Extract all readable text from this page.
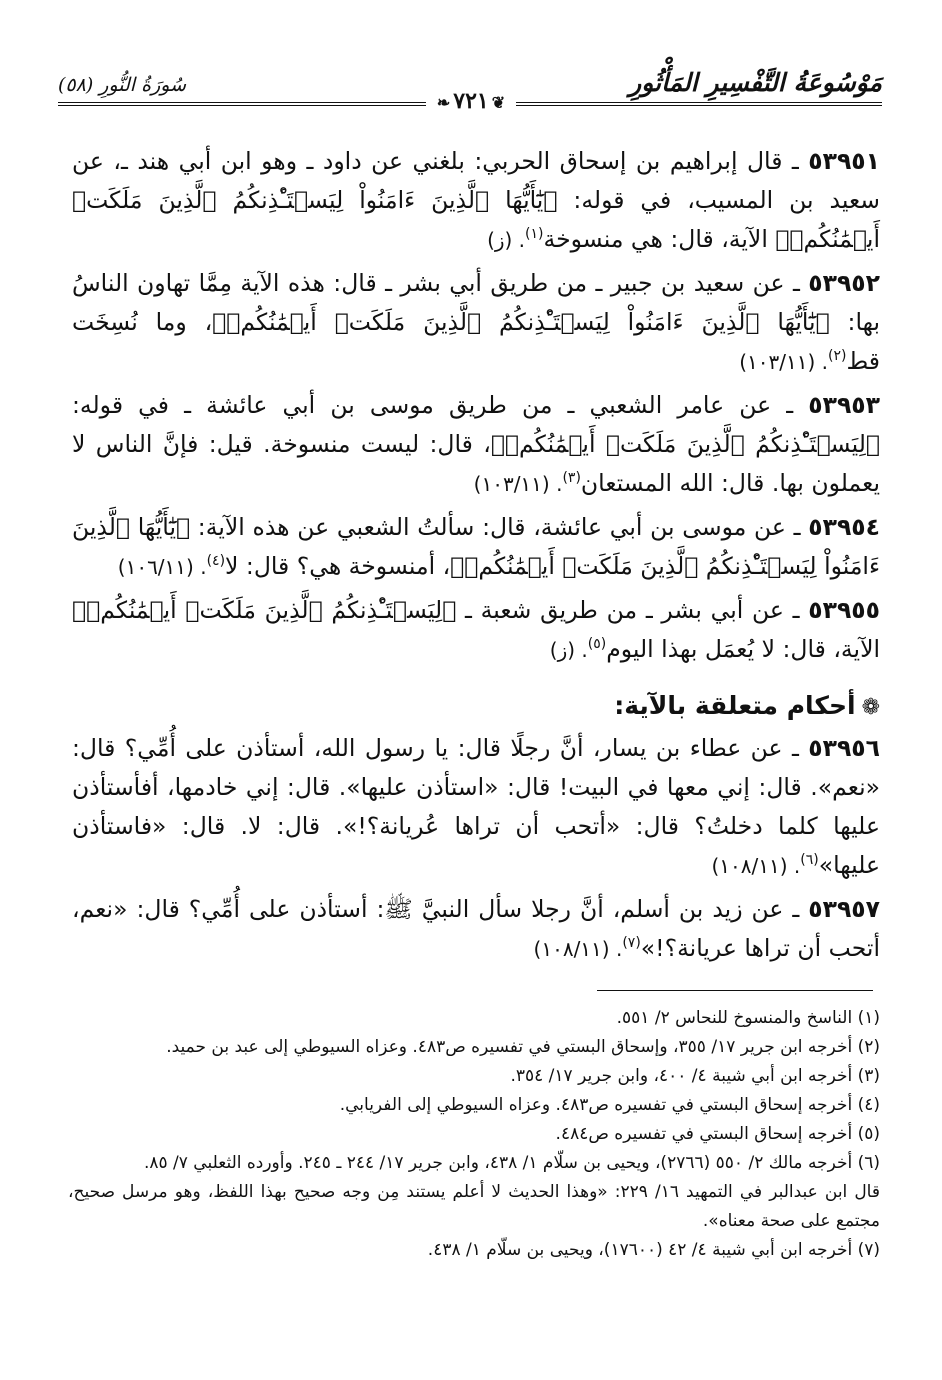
مَوْسُوعَةُ التَّفْسِيرِ المَأْثُورِ
سُورَةُ النُّورِ (٥٨)
❦٧٢١❧

٥٣٩٥١ ـ قال إبراهيم بن إسحاق الحربي: بلغني عن داود ـ وهو ابن أبي هند ـ، عن سعيد بن المسيب، في قوله: ﴿يَٰٓأَيُّهَا ٱلَّذِينَ ءَامَنُواْ لِيَسۡتَـْٔذِنكُمُ ٱلَّذِينَ مَلَكَتۡ أَيۡمَٰنُكُمۡ﴾ الآية، قال: هي منسوخة$^{(١)}$. (ز)

٥٣٩٥٢ ـ عن سعيد بن جبير ـ من طريق أبي بشر ـ قال: هذه الآية مِمَّا تهاون الناسُ بها: ﴿يَٰٓأَيُّهَا ٱلَّذِينَ ءَامَنُواْ لِيَسۡتَـْٔذِنكُمُ ٱلَّذِينَ مَلَكَتۡ أَيۡمَٰنُكُمۡ﴾، وما نُسِخَت قط$^{(٢)}$. (١٠٣/١١)

٥٣٩٥٣ ـ عن عامر الشعبي ـ من طريق موسى بن أبي عائشة ـ في قوله: ﴿لِيَسۡتَـْٔذِنكُمُ ٱلَّذِينَ مَلَكَتۡ أَيۡمَٰنُكُمۡ﴾، قال: ليست منسوخة. قيل: فإنَّ الناس لا يعملون بها. قال: الله المستعان$^{(٣)}$. (١٠٣/١١)

٥٣٩٥٤ ـ عن موسى بن أبي عائشة، قال: سألتُ الشعبي عن هذه الآية: ﴿يَٰٓأَيُّهَا ٱلَّذِينَ ءَامَنُواْ لِيَسۡتَـْٔذِنكُمُ ٱلَّذِينَ مَلَكَتۡ أَيۡمَٰنُكُمۡ﴾، أمنسوخة هي؟ قال: لا$^{(٤)}$. (١٠٦/١١)

٥٣٩٥٥ ـ عن أبي بشر ـ من طريق شعبة ـ ﴿لِيَسۡتَـْٔذِنكُمُ ٱلَّذِينَ مَلَكَتۡ أَيۡمَٰنُكُمۡ﴾ الآية، قال: لا يُعمَل بهذا اليوم$^{(٥)}$. (ز)

❁أحكام متعلقة بالآية:

٥٣٩٥٦ ـ عن عطاء بن يسار، أنَّ رجلًا قال: يا رسول الله، أستأذن على أُمِّي؟ قال: «نعم». قال: إني معها في البيت! قال: «استأذن عليها». قال: إني خادمها، أفأستأذن عليها كلما دخلتُ؟ قال: «أتحب أن تراها عُريانة؟!». قال: لا. قال: «فاستأذن عليها»$^{(٦)}$. (١٠٨/١١)

٥٣٩٥٧ ـ عن زيد بن أسلم، أنَّ رجلا سأل النبيَّ ﷺ: أستأذن على أُمِّي؟ قال: «نعم، أتحب أن تراها عريانة؟!»$^{(٧)}$. (١٠٨/١١)

(١) الناسخ والمنسوخ للنحاس ٢/ ٥٥١.

(٢) أخرجه ابن جرير ١٧/ ٣٥٥، وإسحاق البستي في تفسيره ص٤٨٣. وعزاه السيوطي إلى عبد بن حميد.

(٣) أخرجه ابن أبي شيبة ٤/ ٤٠٠، وابن جرير ١٧/ ٣٥٤.

(٤) أخرجه إسحاق البستي في تفسيره ص٤٨٣. وعزاه السيوطي إلى الفريابي.

(٥) أخرجه إسحاق البستي في تفسيره ص٤٨٤.

(٦) أخرجه مالك ٢/ ٥٥٠ (٢٧٦٦)، ويحيى بن سلّام ١/ ٤٣٨، وابن جرير ١٧/ ٢٤٤ ـ ٢٤٥. وأورده الثعلبي ٧/ ٨٥.

قال ابن عبدالبر في التمهيد ١٦/ ٢٢٩: «وهذا الحديث لا أعلم يستند مِن وجه صحيح بهذا اللفظ، وهو مرسل صحيح، مجتمع على صحة معناه».

(٧) أخرجه ابن أبي شيبة ٤/ ٤٢ (١٧٦٠٠)، ويحيى بن سلّام ١/ ٤٣٨.
